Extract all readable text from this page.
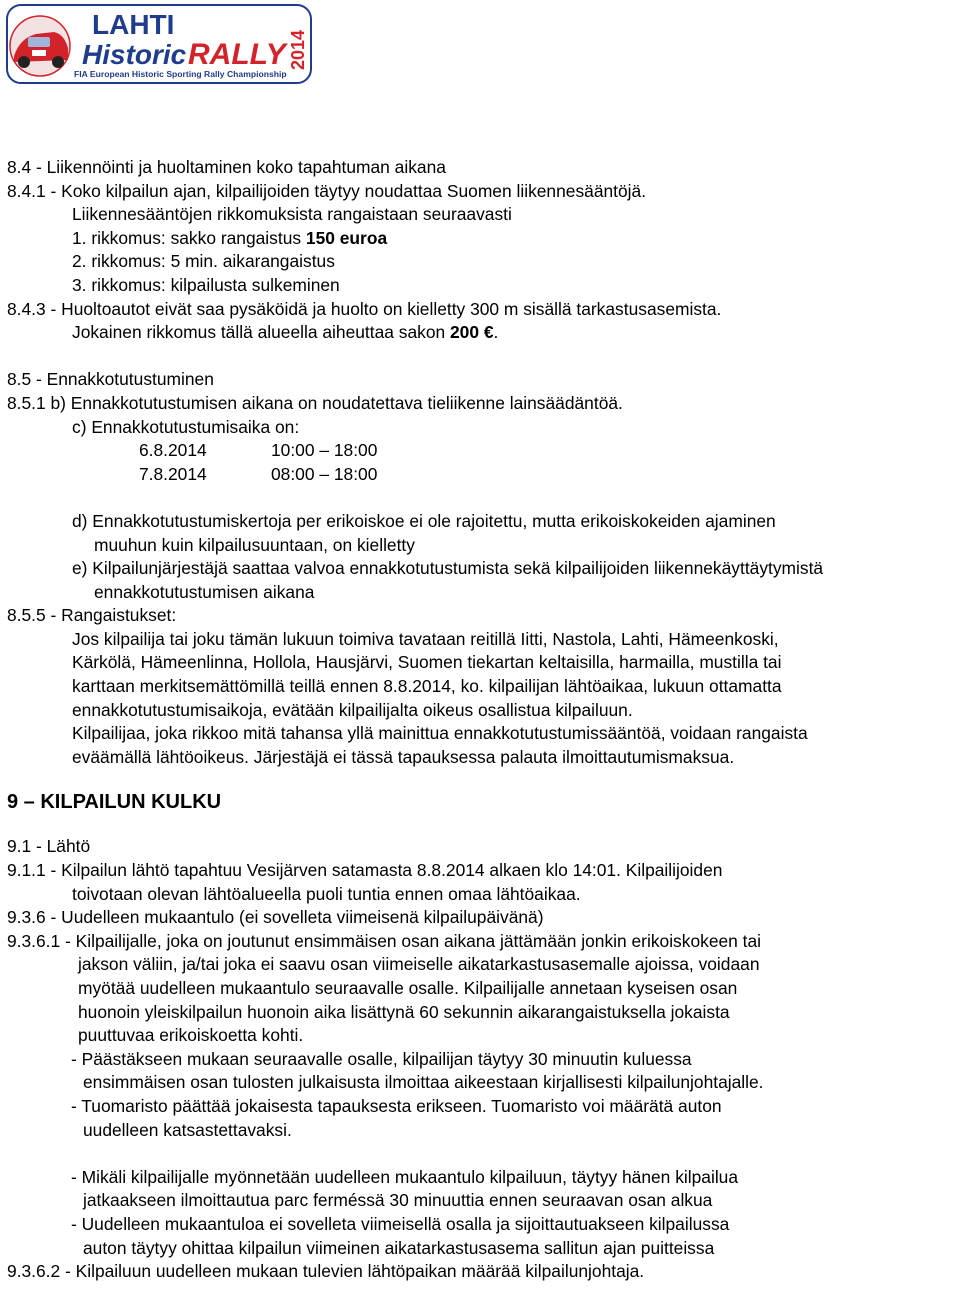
LAHTI
Historic RALLY 2014
FIA European Historic Sporting Rally Championship
8.4 - Liikennöinti ja huoltaminen koko tapahtuman aikana
8.4.1 - Koko kilpailun ajan, kilpailijoiden täytyy noudattaa Suomen liikennesääntöjä.
Liikennesääntöjen rikkomuksista rangaistaan seuraavasti
1. rikkomus: sakko rangaistus 150 euroa
2. rikkomus: 5 min. aikarangaistus
3. rikkomus: kilpailusta sulkeminen
8.4.3 - Huoltoautot eivät saa pysäköidä ja huolto on kielletty 300 m sisällä tarkastusasemista.
Jokainen rikkomus tällä alueella aiheuttaa sakon 200 €.
8.5 - Ennakkotutustuminen
8.5.1 b) Ennakkotutustumisen aikana on noudatettava tieliikenne lainsäädäntöä.
c) Ennakkotutustumisaika on:
6.8.2014	10:00 – 18:00
7.8.2014	08:00 – 18:00
d) Ennakkotutustumiskertoja per erikoiskoe ei ole rajoitettu, mutta erikoiskokeiden ajaminen
muuhun kuin kilpailusuuntaan, on kielletty
e) Kilpailunjärjestäjä saattaa valvoa ennakkotutustumista sekä kilpailijoiden liikennekäyttäytymistä
ennakkotutustumisen aikana
8.5.5 - Rangaistukset:
Jos kilpailija tai joku tämän lukuun toimiva tavataan reitillä Iitti, Nastola, Lahti, Hämeenkoski,
Kärkölä, Hämeenlinna, Hollola, Hausjärvi, Suomen tiekartan keltaisilla, harmailla, mustilla tai
karttaan merkitsemättömillä teillä ennen 8.8.2014, ko. kilpailijan lähtöaikaa, lukuun ottamatta
ennakkotutustumisaikoja, evätään kilpailijalta oikeus osallistua kilpailuun.
Kilpailijaa, joka rikkoo mitä tahansa yllä mainittua ennakkotutustumissääntöä, voidaan rangaista
eväämällä lähtöoikeus. Järjestäjä ei tässä tapauksessa palauta ilmoittautumismaksua.
9 – KILPAILUN KULKU
9.1 - Lähtö
9.1.1 - Kilpailun lähtö tapahtuu Vesijärven satamasta 8.8.2014 alkaen klo 14:01. Kilpailijoiden
toivotaan olevan lähtöalueella puoli tuntia ennen omaa lähtöaikaa.
9.3.6 - Uudelleen mukaantulo (ei sovelleta viimeisenä kilpailupäivänä)
9.3.6.1 - Kilpailijalle, joka on joutunut ensimmäisen osan aikana jättämään jonkin erikoiskokeen tai
jakson väliin, ja/tai joka ei saavu osan viimeiselle aikatarkastusasemalle ajoissa, voidaan
myötää uudelleen mukaantulo seuraavalle osalle. Kilpailijalle annetaan kyseisen osan
huonoin yleiskilpailun huonoin aika lisättynä 60 sekunnin aikarangaistuksella jokaista
puuttuvaa erikoiskoetta kohti.
- Päästäkseen mukaan seuraavalle osalle, kilpailijan täytyy 30 minuutin kuluessa
ensimmäisen osan tulosten julkaisusta ilmoittaa aikeestaan kirjallisesti kilpailunjohtajalle.
- Tuomaristo päättää jokaisesta tapauksesta erikseen. Tuomaristo voi määrätä auton
uudelleen katsastettavaksi.
- Mikäli kilpailijalle myönnetään uudelleen mukaantulo kilpailuun, täytyy hänen kilpailua
jatkaakseen ilmoittautua parc ferméssä 30 minuuttia ennen seuraavan osan alkua
- Uudelleen mukaantuloa ei sovelleta viimeisellä osalla ja sijoittautuakseen kilpailussa
auton täytyy ohittaa kilpailun viimeinen aikatarkastusasema sallitun ajan puitteissa
9.3.6.2 - Kilpailuun uudelleen mukaan tulevien lähtöpaikan määrää kilpailunjohtaja.
